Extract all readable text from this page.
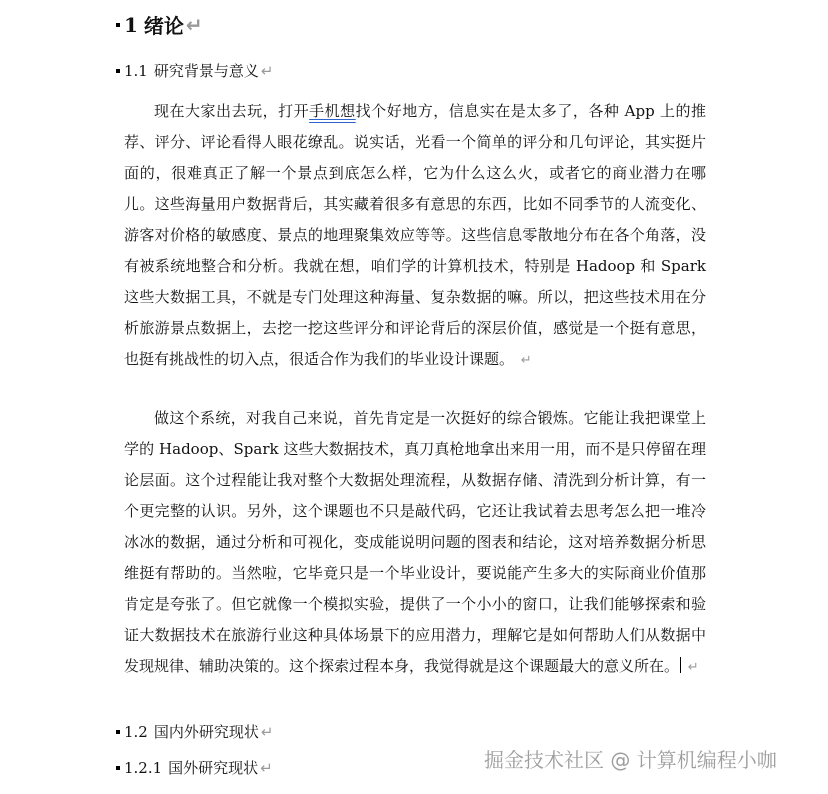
1 绪论 ↵
1.1 研究背景与意义 ↵

现在大家出去玩，打开手机想找个好地方，信息实在是太多了，各种 App 上的推荐、评分、评论看得人眼花缭乱。说实话，光看一个简单的评分和几句评论，其实挺片面的，很难真正了解一个景点到底怎么样，它为什么这么火，或者它的商业潜力在哪儿。这些海量用户数据背后，其实藏着很多有意思的东西，比如不同季节的人流变化、游客对价格的敏感度、景点的地理聚集效应等等。这些信息零散地分布在各个角落，没有被系统地整合和分析。我就在想，咱们学的计算机技术，特别是 Hadoop 和 Spark 这些大数据工具，不就是专门处理这种海量、复杂数据的嘛。所以，把这些技术用在分析旅游景点数据上，去挖一挖这些评分和评论背后的深层价值，感觉是一个挺有意思，也挺有挑战性的切入点，很适合作为我们的毕业设计课题。 ↵

做这个系统，对我自己来说，首先肯定是一次挺好的综合锻炼。它能让我把课堂上学的 Hadoop、Spark 这些大数据技术，真刀真枪地拿出来用一用，而不是只停留在理论层面。这个过程能让我对整个大数据处理流程，从数据存储、清洗到分析计算，有一个更完整的认识。另外，这个课题也不只是敲代码，它还让我试着去思考怎么把一堆冷冰冰的数据，通过分析和可视化，变成能说明问题的图表和结论，这对培养数据分析思维挺有帮助的。当然啦，它毕竟只是一个毕业设计，要说能产生多大的实际商业价值那肯定是夸张了。但它就像一个模拟实验，提供了一个小小的窗口，让我们能够探索和验证大数据技术在旅游行业这种具体场景下的应用潜力，理解它是如何帮助人们从数据中发现规律、辅助决策的。这个探索过程本身，我觉得就是这个课题最大的意义所在。 ↵

1.2 国内外研究现状 ↵
1.2.1 国外研究现状 ↵	掘金技术社区 @ 计算机编程小咖
